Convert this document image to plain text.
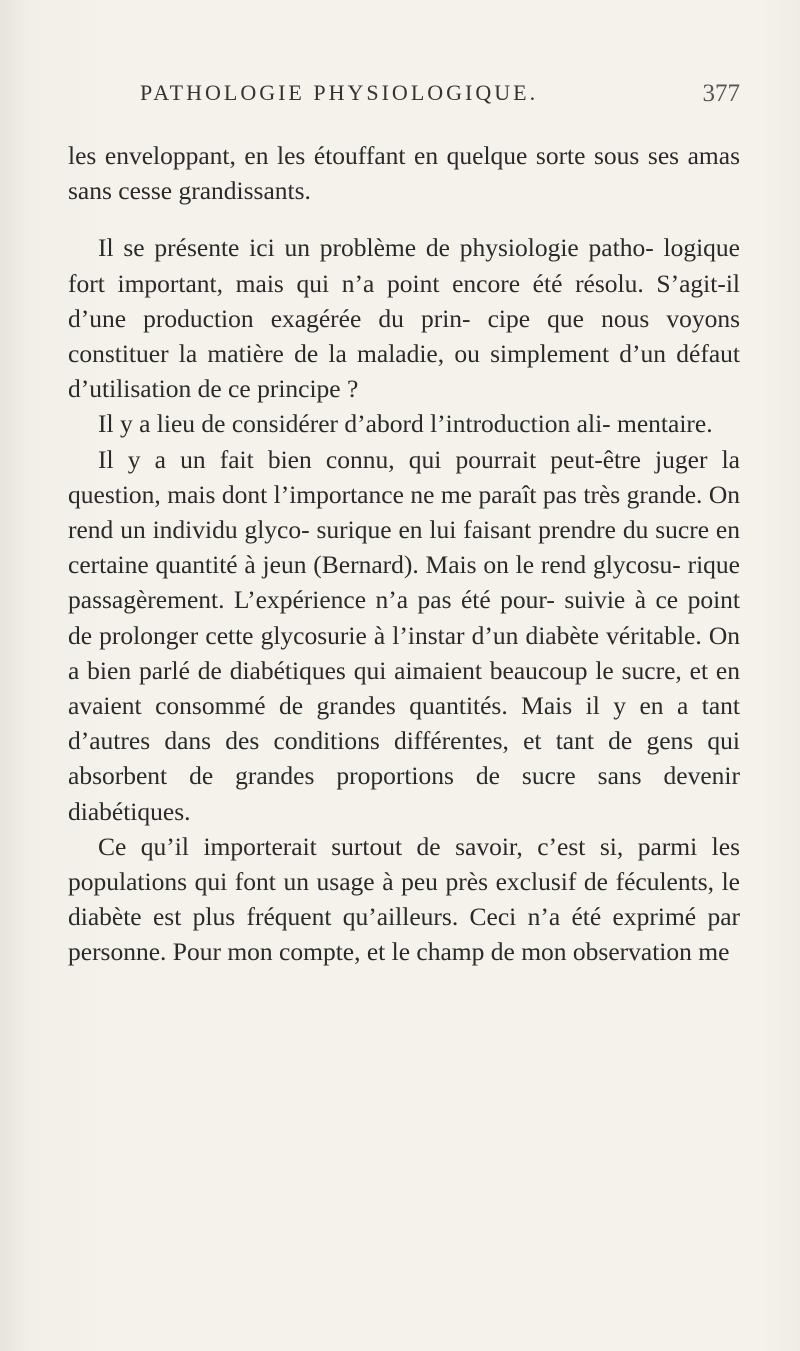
PATHOLOGIE PHYSIOLOGIQUE.	377

les enveloppant, en les étouffant en quelque sorte sous ses amas sans cesse grandissants.

Il se présente ici un problème de physiologie patho- logique fort important, mais qui n’a point encore été résolu. S’agit-il d’une production exagérée du prin- cipe que nous voyons constituer la matière de la maladie, ou simplement d’un défaut d’utilisation de ce principe ?

Il y a lieu de considérer d’abord l’introduction ali- mentaire.

Il y a un fait bien connu, qui pourrait peut-être juger la question, mais dont l’importance ne me paraît pas très grande. On rend un individu glyco- surique en lui faisant prendre du sucre en certaine quantité à jeun (Bernard). Mais on le rend glycosu- rique passagèrement. L’expérience n’a pas été pour- suivie à ce point de prolonger cette glycosurie à l’instar d’un diabète véritable. On a bien parlé de diabétiques qui aimaient beaucoup le sucre, et en avaient consommé de grandes quantités. Mais il y en a tant d’autres dans des conditions différentes, et tant de gens qui absorbent de grandes proportions de sucre sans devenir diabétiques.

Ce qu’il importerait surtout de savoir, c’est si, parmi les populations qui font un usage à peu près exclusif de féculents, le diabète est plus fréquent qu’ailleurs. Ceci n’a été exprimé par personne. Pour mon compte, et le champ de mon observation me
